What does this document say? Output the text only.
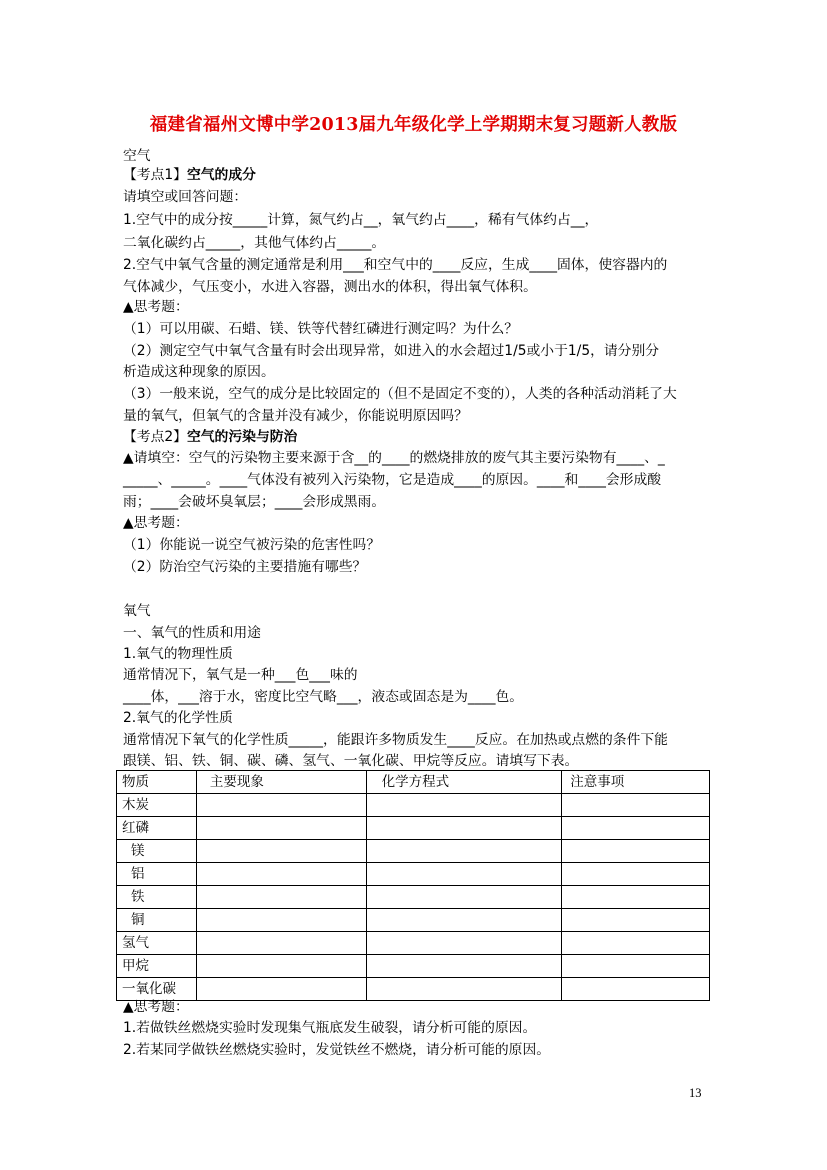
福建省福州文博中学2013届九年级化学上学期期末复习题新人教版
空气
【考点1】空气的成分
请填空或回答问题：
1.空气中的成分按_____计算，氮气约占__，氧气约占____，稀有气体约占__，
二氧化碳约占_____，其他气体约占_____。
2.空气中氧气含量的测定通常是利用___和空气中的____反应，生成____固体，使容器内的
气体减少，气压变小，水进入容器，测出水的体积，得出氧气体积。
▲思考题：
（1）可以用碳、石蜡、镁、铁等代替红磷进行测定吗？为什么？
（2）测定空气中氧气含量有时会出现异常，如进入的水会超过1/5或小于1/5，请分别分
析造成这种现象的原因。
（3）一般来说，空气的成分是比较固定的（但不是固定不变的），人类的各种活动消耗了大
量的氧气，但氧气的含量并没有减少，你能说明原因吗？
【考点2】空气的污染与防治
▲请填空：空气的污染物主要来源于含__的____的燃烧排放的废气其主要污染物有____、_
_____、_____。____气体没有被列入污染物，它是造成____的原因。____和____会形成酸
雨；____会破坏臭氧层；____会形成黑雨。
▲思考题：
（1）你能说一说空气被污染的危害性吗？
（2）防治空气污染的主要措施有哪些？
氧气
一、氧气的性质和用途
1.氧气的物理性质
通常情况下，氧气是一种___色___味的
____体，___溶于水，密度比空气略___，液态或固态是为____色。
2.氧气的化学性质
通常情况下氧气的化学性质_____，能跟许多物质发生____反应。在加热或点燃的条件下能
跟镁、铝、铁、铜、碳、磷、氢气、一氧化碳、甲烷等反应。请填写下表。
物质	主要现象	化学方程式	注意事项
木炭			
红磷			
镁			
铝			
铁			
铜			
氢气			
甲烷			
一氧化碳			
▲思考题：
1.若做铁丝燃烧实验时发现集气瓶底发生破裂，请分析可能的原因。
2.若某同学做铁丝燃烧实验时，发觉铁丝不燃烧，请分析可能的原因。
13
